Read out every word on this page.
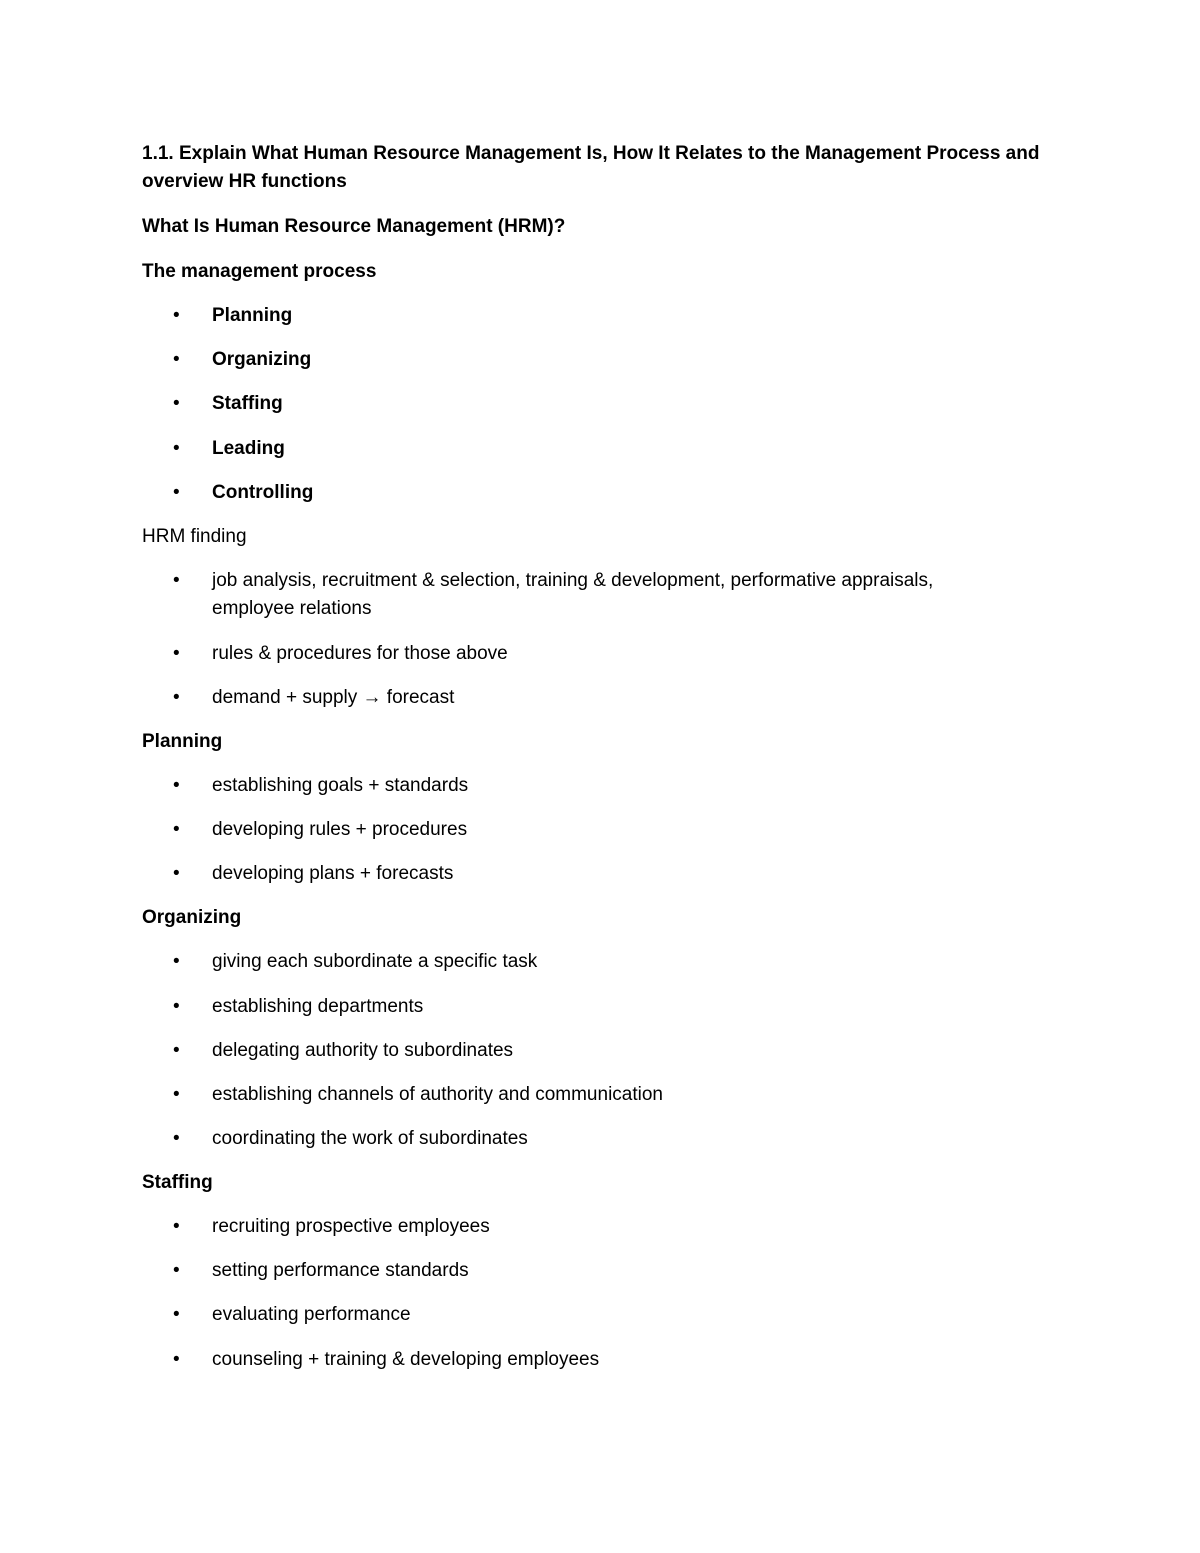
1.1. Explain What Human Resource Management Is, How It Relates to the Management Process and overview HR functions
What Is Human Resource Management (HRM)?
The management process
• Planning
• Organizing
• Staffing
• Leading
• Controlling
HRM finding
• job analysis, recruitment & selection, training & development, performative appraisals, employee relations
• rules & procedures for those above
• demand + supply → forecast
Planning
• establishing goals + standards
• developing rules + procedures
• developing plans + forecasts
Organizing
• giving each subordinate a specific task
• establishing departments
• delegating authority to subordinates
• establishing channels of authority and communication
• coordinating the work of subordinates
Staffing
• recruiting prospective employees
• setting performance standards
• evaluating performance
• counseling + training & developing employees
